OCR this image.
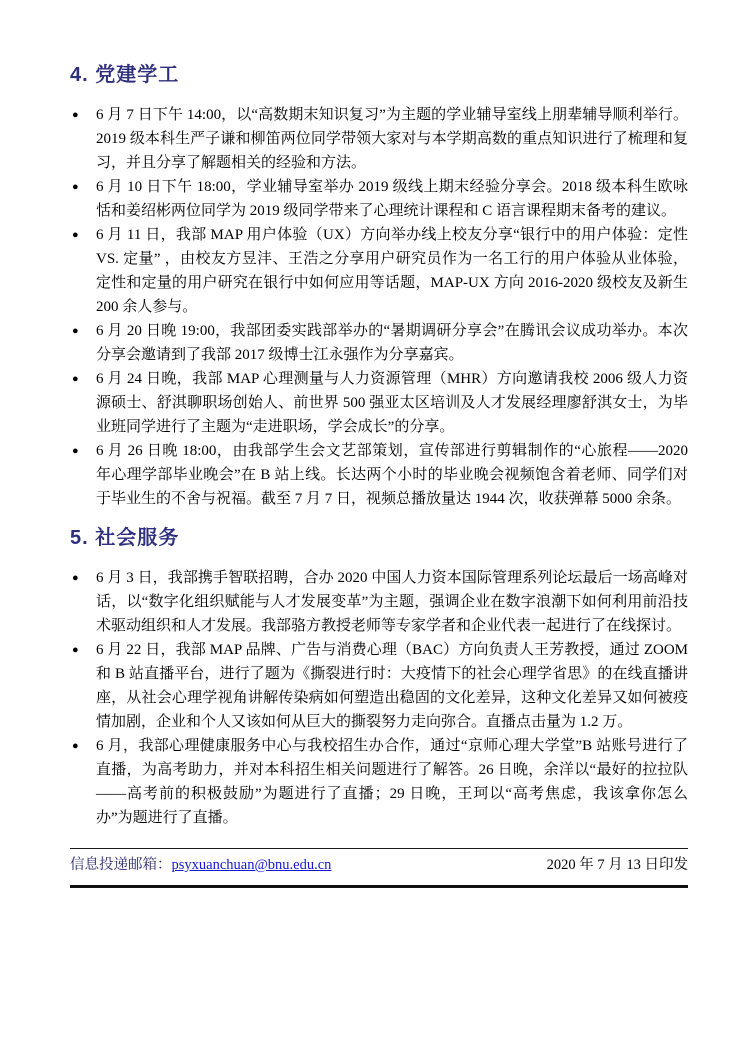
4. 党建学工
● 6 月 7 日下午 14:00，以“高数期末知识复习”为主题的学业辅导室线上朋辈辅导顺利举行。2019 级本科生严子谦和柳笛两位同学带领大家对与本学期高数的重点知识进行了梳理和复习，并且分享了解题相关的经验和方法。
● 6 月 10 日下午 18:00，学业辅导室举办 2019 级线上期末经验分享会。2018 级本科生欧咏恬和姜绍彬两位同学为 2019 级同学带来了心理统计课程和 C 语言课程期末备考的建议。
● 6 月 11 日，我部 MAP 用户体验（UX）方向举办线上校友分享“银行中的用户体验：定性 VS. 定量” ，由校友方昱沣、王浩之分享用户研究员作为一名工行的用户体验从业体验，定性和定量的用户研究在银行中如何应用等话题，MAP-UX 方向 2016-2020 级校友及新生 200 余人参与。
● 6 月 20 日晚 19:00，我部团委实践部举办的“暑期调研分享会”在腾讯会议成功举办。本次分享会邀请到了我部 2017 级博士江永强作为分享嘉宾。
● 6 月 24 日晚，我部 MAP 心理测量与人力资源管理（MHR）方向邀请我校 2006 级人力资源硕士、舒淇聊职场创始人、前世界 500 强亚太区培训及人才发展经理廖舒淇女士，为毕业班同学进行了主题为“走进职场，学会成长”的分享。
● 6 月 26 日晚 18:00，由我部学生会文艺部策划，宣传部进行剪辑制作的“心旅程——2020 年心理学部毕业晚会”在 B 站上线。长达两个小时的毕业晚会视频饱含着老师、同学们对于毕业生的不舍与祝福。截至 7 月 7 日，视频总播放量达 1944 次，收获弹幕 5000 余条。
5. 社会服务
● 6 月 3 日，我部携手智联招聘，合办 2020 中国人力资本国际管理系列论坛最后一场高峰对话，以“数字化组织赋能与人才发展变革”为主题，强调企业在数字浪潮下如何利用前沿技术驱动组织和人才发展。我部骆方教授老师等专家学者和企业代表一起进行了在线探讨。
● 6 月 22 日，我部 MAP 品牌、广告与消费心理（BAC）方向负责人王芳教授，通过 ZOOM 和 B 站直播平台，进行了题为《撕裂进行时：大疫情下的社会心理学省思》的在线直播讲座，从社会心理学视角讲解传染病如何塑造出稳固的文化差异，这种文化差异又如何被疫情加剧，企业和个人又该如何从巨大的撕裂努力走向弥合。直播点击量为 1.2 万。
● 6 月，我部心理健康服务中心与我校招生办合作，通过“京师心理大学堂”B 站账号进行了直播，为高考助力，并对本科招生相关问题进行了解答。26 日晚，余洋以“最好的拉拉队——高考前的积极鼓励”为题进行了直播；29 日晚，王珂以“高考焦虑，我该拿你怎么办”为题进行了直播。
信息投递邮箱：psyxuanchuan@bnu.edu.cn	2020 年 7 月 13 日印发
